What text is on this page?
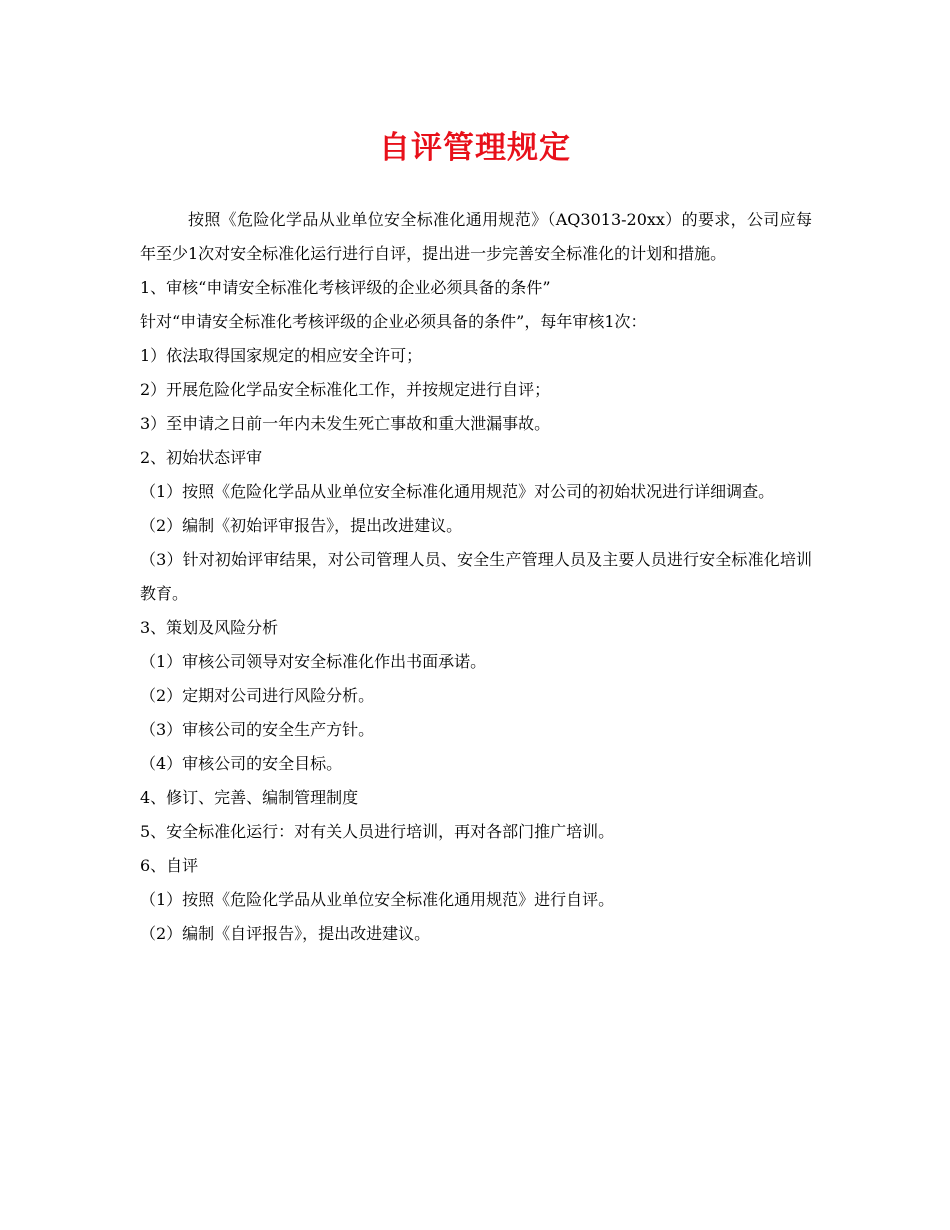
自评管理规定

按照《危险化学品从业单位安全标准化通用规范》（AQ3013-20xx）的要求，公司应每年至少1次对安全标准化运行进行自评，提出进一步完善安全标准化的计划和措施。

1、审核“申请安全标准化考核评级的企业必须具备的条件”

针对“申请安全标准化考核评级的企业必须具备的条件”，每年审核1次：

1）依法取得国家规定的相应安全许可；

2）开展危险化学品安全标准化工作，并按规定进行自评；

3）至申请之日前一年内未发生死亡事故和重大泄漏事故。

2、初始状态评审

（1）按照《危险化学品从业单位安全标准化通用规范》对公司的初始状况进行详细调查。

（2）编制《初始评审报告》，提出改进建议。

（3）针对初始评审结果，对公司管理人员、安全生产管理人员及主要人员进行安全标准化培训教育。

3、策划及风险分析

（1）审核公司领导对安全标准化作出书面承诺。

（2）定期对公司进行风险分析。

（3）审核公司的安全生产方针。

（4）审核公司的安全目标。

4、修订、完善、编制管理制度

5、安全标准化运行：对有关人员进行培训，再对各部门推广培训。

6、自评

（1）按照《危险化学品从业单位安全标准化通用规范》进行自评。

（2）编制《自评报告》，提出改进建议。
